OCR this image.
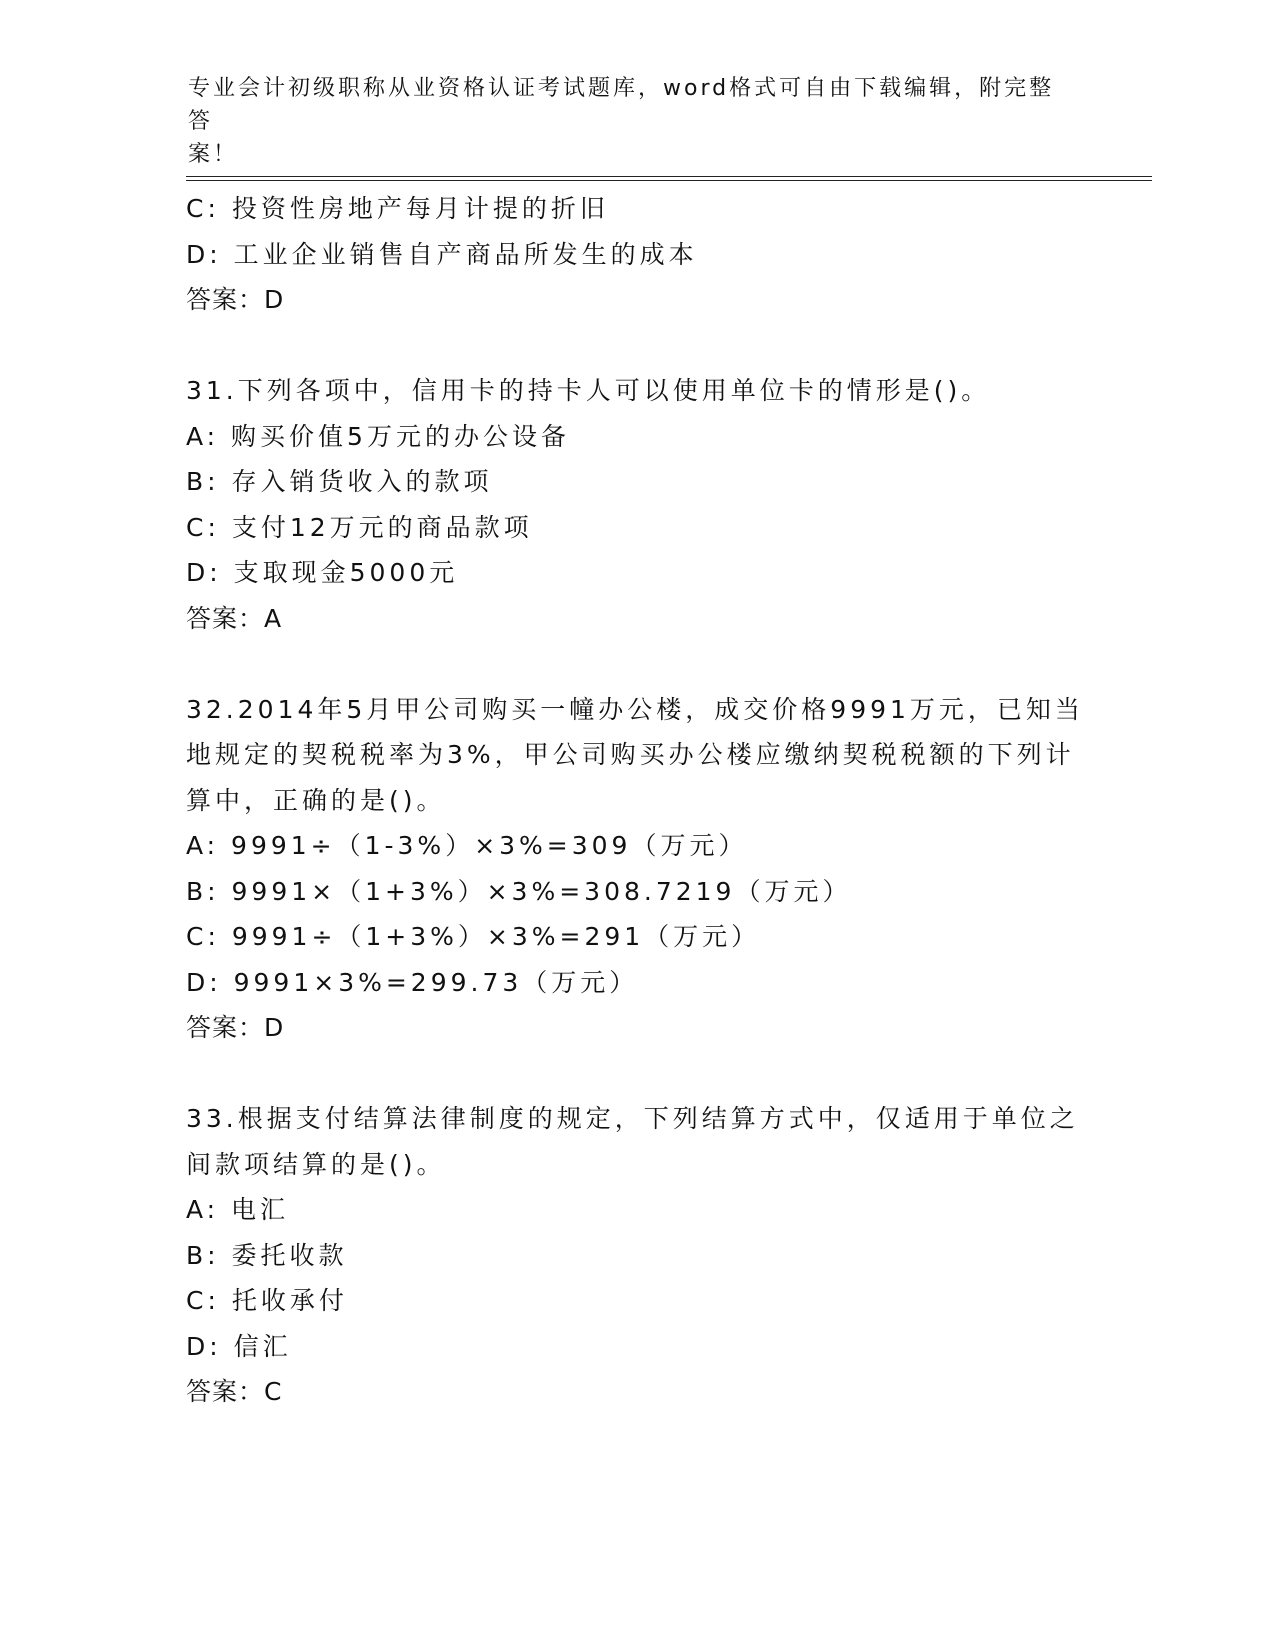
专业会计初级职称从业资格认证考试题库，word格式可自由下载编辑，附完整答
案！
C: 投资性房地产每月计提的折旧
D: 工业企业销售自产商品所发生的成本
答案：D
31.下列各项中，信用卡的持卡人可以使用单位卡的情形是()。
A: 购买价值5万元的办公设备
B: 存入销货收入的款项
C: 支付12万元的商品款项
D: 支取现金5000元
答案：A
32.2014年5月甲公司购买一幢办公楼，成交价格9991万元，已知当
地规定的契税税率为3%，甲公司购买办公楼应缴纳契税税额的下列计
算中，正确的是()。
A: 9991÷（1-3%）×3%=309（万元）
B: 9991×（1+3%）×3%=308.7219（万元）
C: 9991÷（1+3%）×3%=291（万元）
D: 9991×3%=299.73（万元）
答案：D
33.根据支付结算法律制度的规定，下列结算方式中，仅适用于单位之
间款项结算的是()。
A: 电汇
B: 委托收款
C: 托收承付
D: 信汇
答案：C
